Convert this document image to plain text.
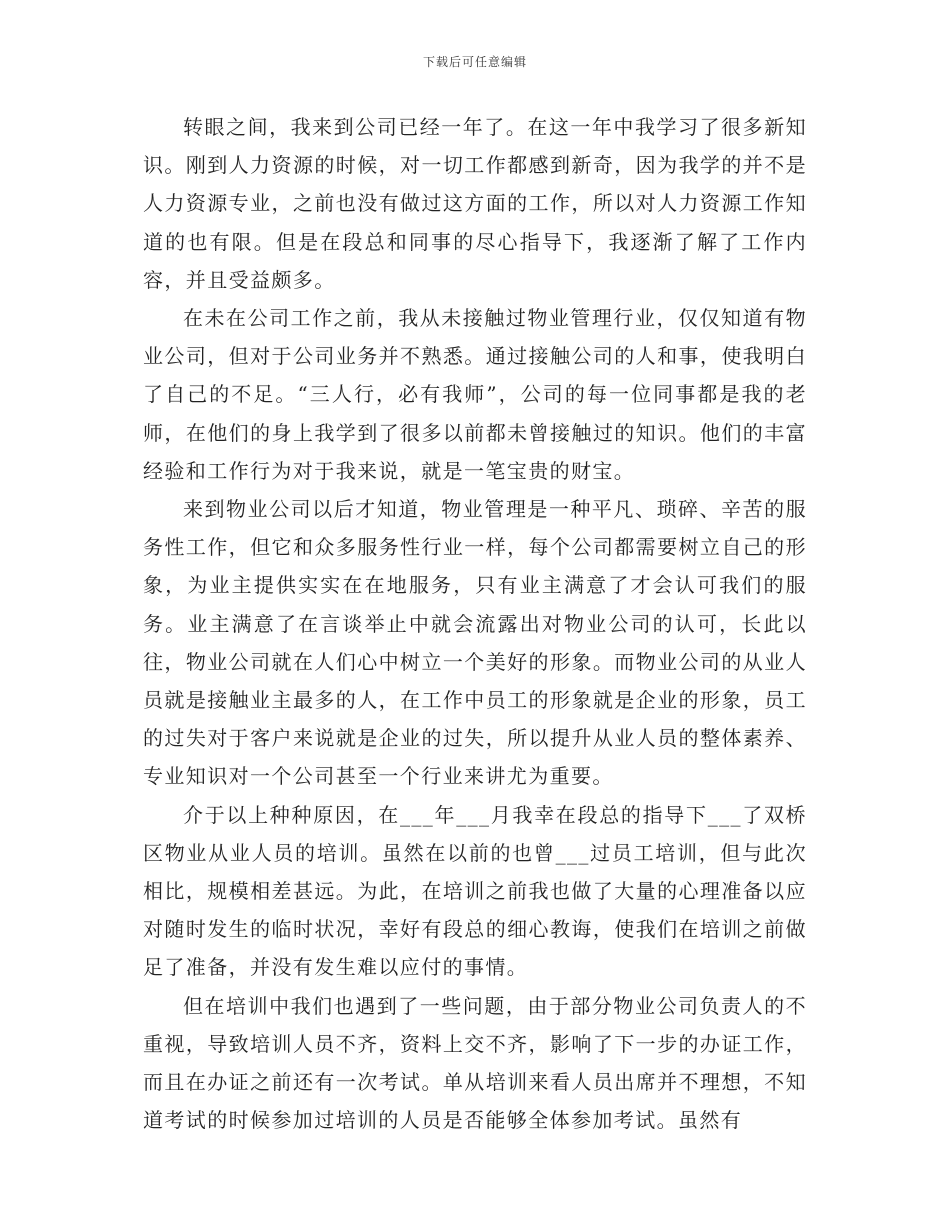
下载后可任意编辑

转眼之间，我来到公司已经一年了。在这一年中我学习了很多新知识。刚到人力资源的时候，对一切工作都感到新奇，因为我学的并不是人力资源专业，之前也没有做过这方面的工作，所以对人力资源工作知道的也有限。但是在段总和同事的尽心指导下，我逐渐了解了工作内容，并且受益颇多。

在未在公司工作之前，我从未接触过物业管理行业，仅仅知道有物业公司，但对于公司业务并不熟悉。通过接触公司的人和事，使我明白了自己的不足。“三人行，必有我师”，公司的每一位同事都是我的老师，在他们的身上我学到了很多以前都未曾接触过的知识。他们的丰富经验和工作行为对于我来说，就是一笔宝贵的财宝。

来到物业公司以后才知道，物业管理是一种平凡、琐碎、辛苦的服务性工作，但它和众多服务性行业一样，每个公司都需要树立自己的形象，为业主提供实实在在地服务，只有业主满意了才会认可我们的服务。业主满意了在言谈举止中就会流露出对物业公司的认可，长此以往，物业公司就在人们心中树立一个美好的形象。而物业公司的从业人员就是接触业主最多的人，在工作中员工的形象就是企业的形象，员工的过失对于客户来说就是企业的过失，所以提升从业人员的整体素养、专业知识对一个公司甚至一个行业来讲尤为重要。

介于以上种种原因，在___年___月我幸在段总的指导下___了双桥区物业从业人员的培训。虽然在以前的也曾___过员工培训，但与此次相比，规模相差甚远。为此，在培训之前我也做了大量的心理准备以应对随时发生的临时状况，幸好有段总的细心教诲，使我们在培训之前做足了准备，并没有发生难以应付的事情。

但在培训中我们也遇到了一些问题，由于部分物业公司负责人的不重视，导致培训人员不齐，资料上交不齐，影响了下一步的办证工作，而且在办证之前还有一次考试。单从培训来看人员出席并不理想，不知道考试的时候参加过培训的人员是否能够全体参加考试。虽然有
